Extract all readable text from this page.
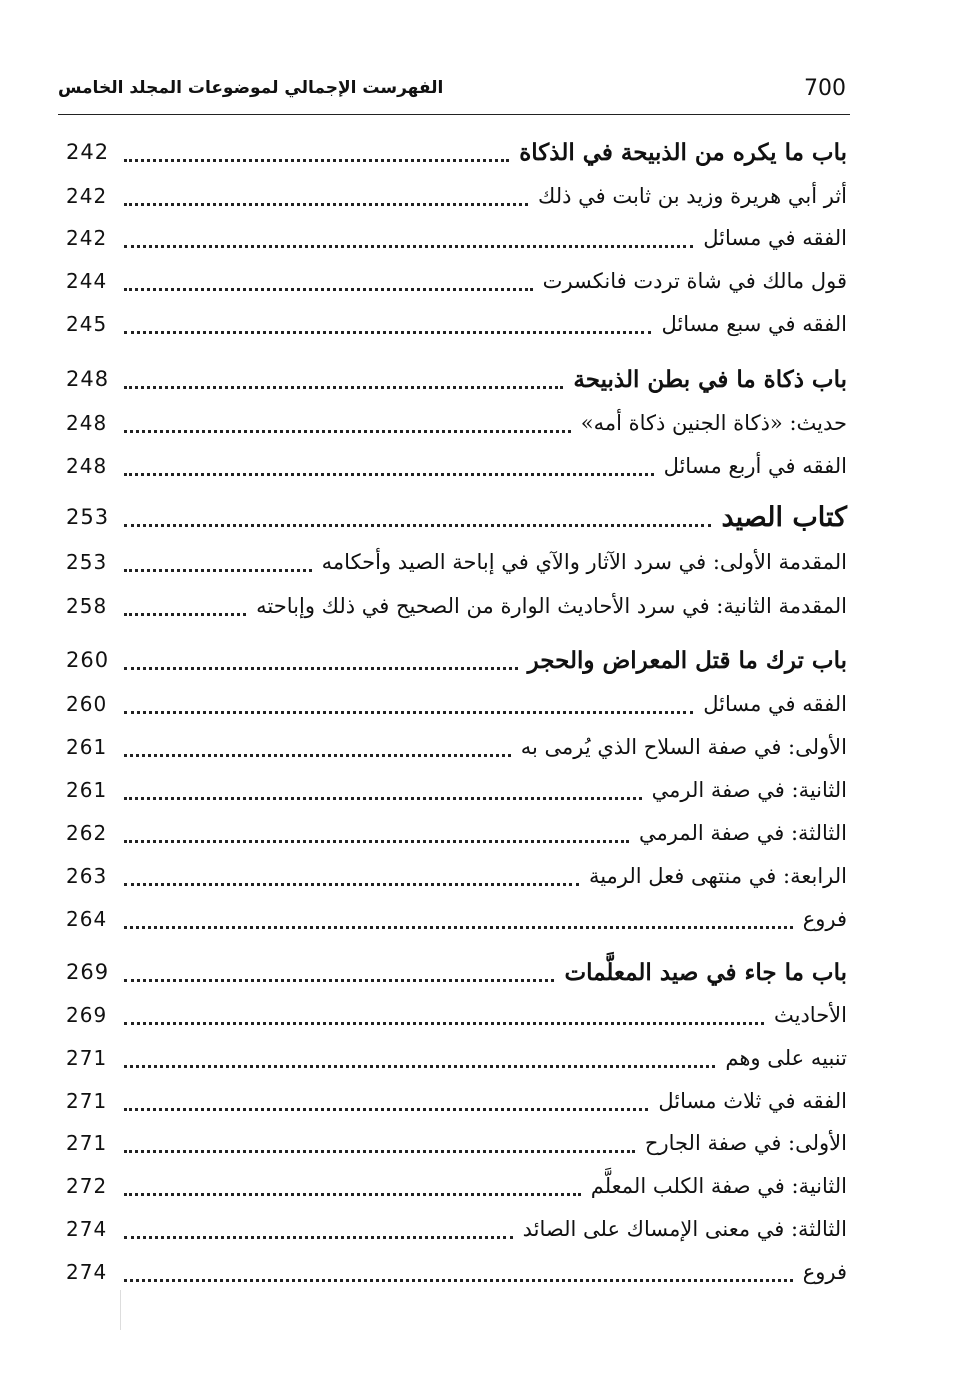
700
الفهرست الإجمالي لموضوعات المجلد الخامس
باب ما يكره من الذبيحة في الذكاة
242
أثر أبي هريرة وزيد بن ثابت في ذلك
242
الفقه في مسائل
242
قول مالك في شاة تردت فانكسرت
244
الفقه في سبع مسائل
245
باب ذكاة ما في بطن الذبيحة
248
حديث: «ذكاة الجنين ذكاة أمه»
248
الفقه في أربع مسائل
248
كتاب الصيد
253
المقدمة الأولى: في سرد الآثار والآي في إباحة الصيد وأحكامه
253
المقدمة الثانية: في سرد الأحاديث الوارة من الصحيح في ذلك وإباحته
258
باب ترك ما قتل المعراض والحجر
260
الفقه في مسائل
260
الأولى: في صفة السلاح الذي يُرمى به
261
الثانية: في صفة الرمي
261
الثالثة: في صفة المرمي
262
الرابعة: في منتهى فعل الرمية
263
فروع
264
باب ما جاء في صيد المعلَّمات
269
الأحاديث
269
تنبيه على وهم
271
الفقه في ثلاث مسائل
271
الأولى: في صفة الجارح
271
الثانية: في صفة الكلب المعلَّم
272
الثالثة: في معنى الإمساك على الصائد
274
فروع
274
